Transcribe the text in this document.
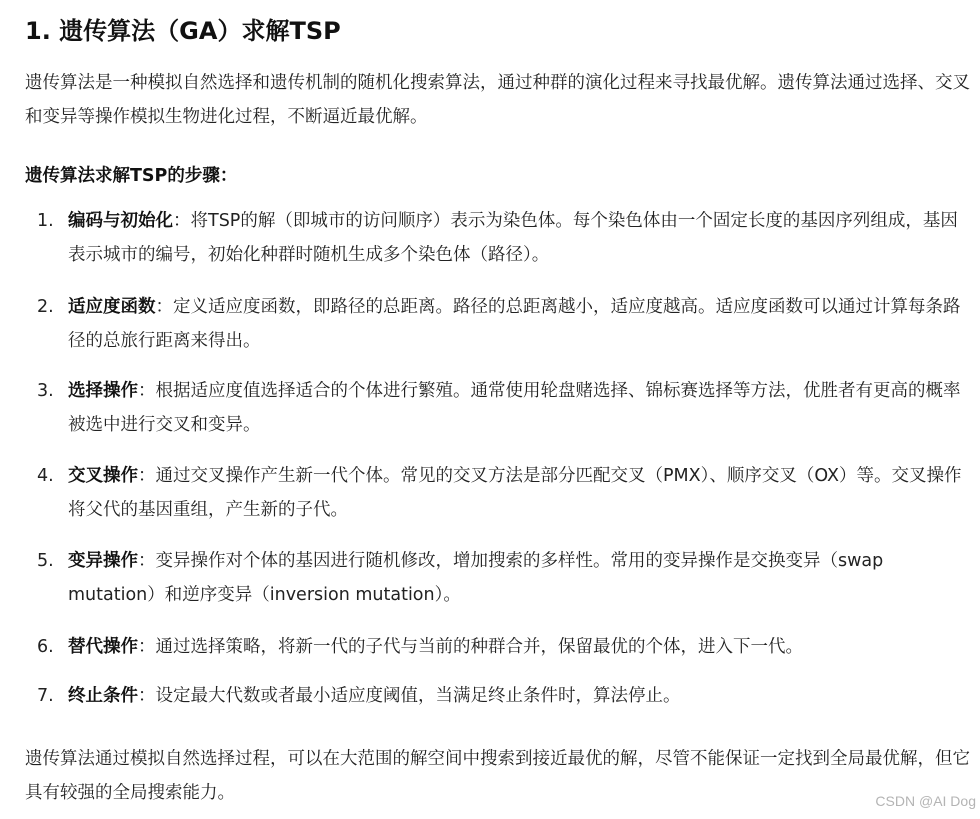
1. 遗传算法（GA）求解TSP

遗传算法是一种模拟自然选择和遗传机制的随机化搜索算法，通过种群的演化过程来寻找最优解。遗传算法通过选择、交叉和变异等操作模拟生物进化过程，不断逼近最优解。

遗传算法求解TSP的步骤：

1. 编码与初始化：将TSP的解（即城市的访问顺序）表示为染色体。每个染色体由一个固定长度的基因序列组成，基因表示城市的编号，初始化种群时随机生成多个染色体（路径）。

2. 适应度函数：定义适应度函数，即路径的总距离。路径的总距离越小，适应度越高。适应度函数可以通过计算每条路径的总旅行距离来得出。

3. 选择操作：根据适应度值选择适合的个体进行繁殖。通常使用轮盘赌选择、锦标赛选择等方法，优胜者有更高的概率被选中进行交叉和变异。

4. 交叉操作：通过交叉操作产生新一代个体。常见的交叉方法是部分匹配交叉（PMX）、顺序交叉（OX）等。交叉操作将父代的基因重组，产生新的子代。

5. 变异操作：变异操作对个体的基因进行随机修改，增加搜索的多样性。常用的变异操作是交换变异（swap mutation）和逆序变异（inversion mutation）。

6. 替代操作：通过选择策略，将新一代的子代与当前的种群合并，保留最优的个体，进入下一代。

7. 终止条件：设定最大代数或者最小适应度阈值，当满足终止条件时，算法停止。

遗传算法通过模拟自然选择过程，可以在大范围的解空间中搜索到接近最优的解，尽管不能保证一定找到全局最优解，但它具有较强的全局搜索能力。	CSDN @AI Dog
